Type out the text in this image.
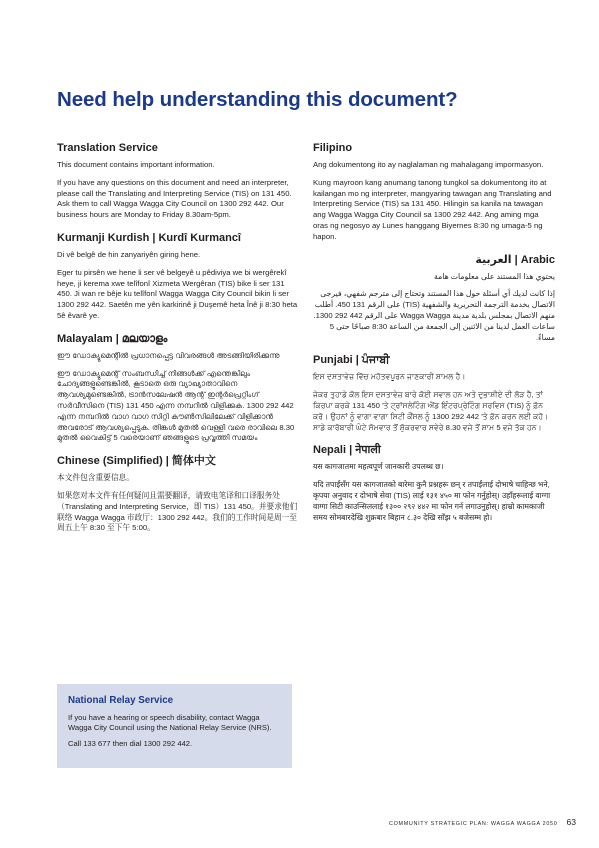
Need help understanding this document?
Translation Service

This document contains important information.

If you have any questions on this document and need an interpreter, please call the Translating and Interpreting Service (TIS) on 131 450. Ask them to call Wagga Wagga City Council on 1300 292 442. Our business hours are Monday to Friday 8.30am-5pm.

Kurmanji Kurdish | Kurdî Kurmancî

Di vê belgê de hin zanyariyên giring hene.

Eger tu pirsên we hene li ser vê belgeyê u pêdiviya we bi wergêrekî heye, ji kerema xwe telîfonî Xizmeta Wergêran (TIS) bike li ser 131 450. Ji wan re bêje ku telîfonî Wagga Wagga City Council bikin li ser 1300 292 442. Saetên me yên karkirinê ji Duşemê heta Înê ji 8:30 heta 5ê êvarê ye.

Malayalam | മലയാളം

ഈ ഡോക്യുമെന്റിൽ പ്രധാനപ്പെട്ട വിവരങ്ങൾ അടങ്ങിയിരിക്കുന്നു

ഈ ഡോക്യുമെന്റ് സംബന്ധിച്ച് നിങ്ങൾക്ക് എന്തെങ്കിലും ചോദ്യങ്ങളുണ്ടെങ്കിൽ, കൂടാതെ ഒരു വ്യാഖ്യാതാവിനെ ആവശ്യമുണ്ടെങ്കിൽ, ട്രാൻസലേഷൻ ആന്റ് ഇന്റർപ്രെറ്റിംഗ് സർവീസിനെ (TIS) 131 450 എന്ന നമ്പറിൽ വിളിക്കുക. 1300 292 442 എന്ന നമ്പറിൽ വാഗ വാഗ സിറ്റി കൗൺസിലിലേക്ക് വിളിക്കാൻ അവരോട് ആവശ്യപ്പെടുക. തിങ്കൾ മുതൽ വെള്ളി വരെ രാവിലെ 8.30 മുതൽ വൈകിട്ട് 5 വരെയാണ് ഞങ്ങളുടെ പ്രവൃത്തി സമയം

Chinese (Simplified) | 简体中文

本文件包含重要信息。

如果您对本文件有任何疑问且需要翻译，请致电笔译和口译服务处（Translating and Interpreting Service，即 TIS）131 450。并要求他们联络 Wagga Wagga 市政厅：1300 292 442。我们的工作时间是周一至周五上午 8:30 至下午 5:00。

Filipino

Ang dokumentong ito ay naglalaman ng mahalagang impormasyon.

Kung mayroon kang anumang tanong tungkol sa dokumentong ito at kailangan mo ng interpreter, mangyaring tawagan ang Translating and Interpreting Service (TIS) sa 131 450. Hilingin sa kanila na tawagan ang Wagga Wagga City Council sa 1300 292 442. Ang aming mga oras ng negosyo ay Lunes hanggang Biyernes 8:30 ng umaga-5 ng hapon.

Arabic | العربية

يحتوي هذا المستند على معلومات هامة

إذا كانت لديك أي أسئلة حول هذا المستند وتحتاج إلى مترجم شفهي، فيرجى الاتصال بخدمة الترجمة التحريرية والشفهية (TIS) على الرقم 131 450. أطلب منهم الاتصال بمجلس بلدية مدينة Wagga Wagga على الرقم 442 292 1300. ساعات العمل لدينا من الاثنين إلى الجمعة من الساعة 8:30 صباحًا حتى 5 مساءً.

Punjabi | ਪੰਜਾਬੀ

ਇਸ ਦਸਤਾਵੇਜ਼ ਵਿੱਚ ਮਹੱਤਵਪੂਰਨ ਜਾਣਕਾਰੀ ਸ਼ਾਮਲ ਹੈ।

ਜੇਕਰ ਤੁਹਾਡੇ ਕੋਲ ਇਸ ਦਸਤਾਵੇਜ਼ ਬਾਰੇ ਕੋਈ ਸਵਾਲ ਹਨ ਅਤੇ ਦੁਭਾਸ਼ੀਏ ਦੀ ਲੋੜ ਹੈ, ਤਾਂ ਕਿਰਪਾ ਕਰਕੇ 131 450 'ਤੇ ਟ੍ਰਾਂਸਲੇਟਿੰਗ ਐਂਡ ਇੰਟਰਪ੍ਰੇਟਿੰਗ ਸਰਵਿਸ (TIS) ਨੂੰ ਫ਼ੋਨ ਕਰੋ। ਉਹਨਾਂ ਨੂੰ ਵਾਗਾ ਵਾਗਾ ਸਿਟੀ ਕੌਂਸਲ ਨੂੰ 1300 292 442 'ਤੇ ਫ਼ੋਨ ਕਰਨ ਲਈ ਕਹੋ। ਸਾਡੇ ਕਾਰੋਬਾਰੀ ਘੰਟੇ ਸੋਮਵਾਰ ਤੋਂ ਸ਼ੁੱਕਰਵਾਰ ਸਵੇਰੇ 8.30 ਵਜੇ ਤੋਂ ਸ਼ਾਮ 5 ਵਜੇ ਤੱਕ ਹਨ।

Nepali | नेपाली

यस कागजातमा महत्वपूर्ण जानकारी उपलब्ध छ।

यदि तपाईंसँग यस कागजातको बारेमा कुनै प्रश्नहरू छन् र तपाईंलाई दोभाषे चाहिन्छ भने, कृपया अनुवाद र दोभाषे सेवा (TIS) लाई १३१ ४५० मा फोन गर्नुहोस्। उहाँहरूलाई वाग्गा वाग्गा सिटी काउन्सिललाई १३०० २९२ ४४२ मा फोन गर्न लगाउनुहोस्। हाम्रो कामकाजी समय सोमबारदेखि शुक्रबार बिहान ८.३० देखि साँझ ५ बजेसम्म हो।

National Relay Service

If you have a hearing or speech disability, contact Wagga Wagga City Council using the National Relay Service (NRS).

Call 133 677 then dial 1300 292 442.

COMMUNITY STRATEGIC PLAN: WAGGA WAGGA 2050 63
